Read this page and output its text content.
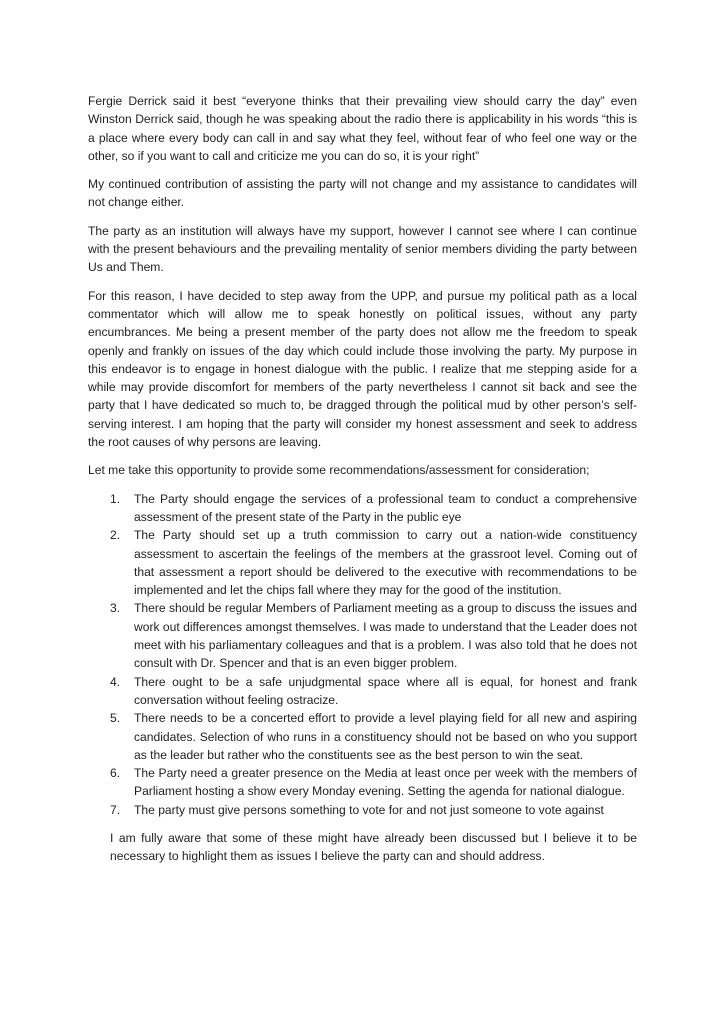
Fergie Derrick said it best “everyone thinks that their prevailing view should carry the day” even Winston Derrick said, though he was speaking about the radio there is applicability in his words “this is a place where every body can call in and say what they feel, without fear of who feel one way or the other, so if you want to call and criticize me you can do so, it is your right”

My continued contribution of assisting the party will not change and my assistance to candidates will not change either.

The party as an institution will always have my support, however I cannot see where I can continue with the present behaviours and the prevailing mentality of senior members dividing the party between Us and Them.

For this reason, I have decided to step away from the UPP, and pursue my political path as a local commentator which will allow me to speak honestly on political issues, without any party encumbrances. Me being a present member of the party does not allow me the freedom to speak openly and frankly on issues of the day which could include those involving the party. My purpose in this endeavor is to engage in honest dialogue with the public. I realize that me stepping aside for a while may provide discomfort for members of the party nevertheless I cannot sit back and see the party that I have dedicated so much to, be dragged through the political mud by other person’s self-serving interest. I am hoping that the party will consider my honest assessment and seek to address the root causes of why persons are leaving.

Let me take this opportunity to provide some recommendations/assessment for consideration;

1. The Party should engage the services of a professional team to conduct a comprehensive assessment of the present state of the Party in the public eye
2. The Party should set up a truth commission to carry out a nation-wide constituency assessment to ascertain the feelings of the members at the grassroot level. Coming out of that assessment a report should be delivered to the executive with recommendations to be implemented and let the chips fall where they may for the good of the institution.
3. There should be regular Members of Parliament meeting as a group to discuss the issues and work out differences amongst themselves. I was made to understand that the Leader does not meet with his parliamentary colleagues and that is a problem. I was also told that he does not consult with Dr. Spencer and that is an even bigger problem.
4. There ought to be a safe unjudgmental space where all is equal, for honest and frank conversation without feeling ostracize.
5. There needs to be a concerted effort to provide a level playing field for all new and aspiring candidates. Selection of who runs in a constituency should not be based on who you support as the leader but rather who the constituents see as the best person to win the seat.
6. The Party need a greater presence on the Media at least once per week with the members of Parliament hosting a show every Monday evening. Setting the agenda for national dialogue.
7. The party must give persons something to vote for and not just someone to vote against

I am fully aware that some of these might have already been discussed but I believe it to be necessary to highlight them as issues I believe the party can and should address.
